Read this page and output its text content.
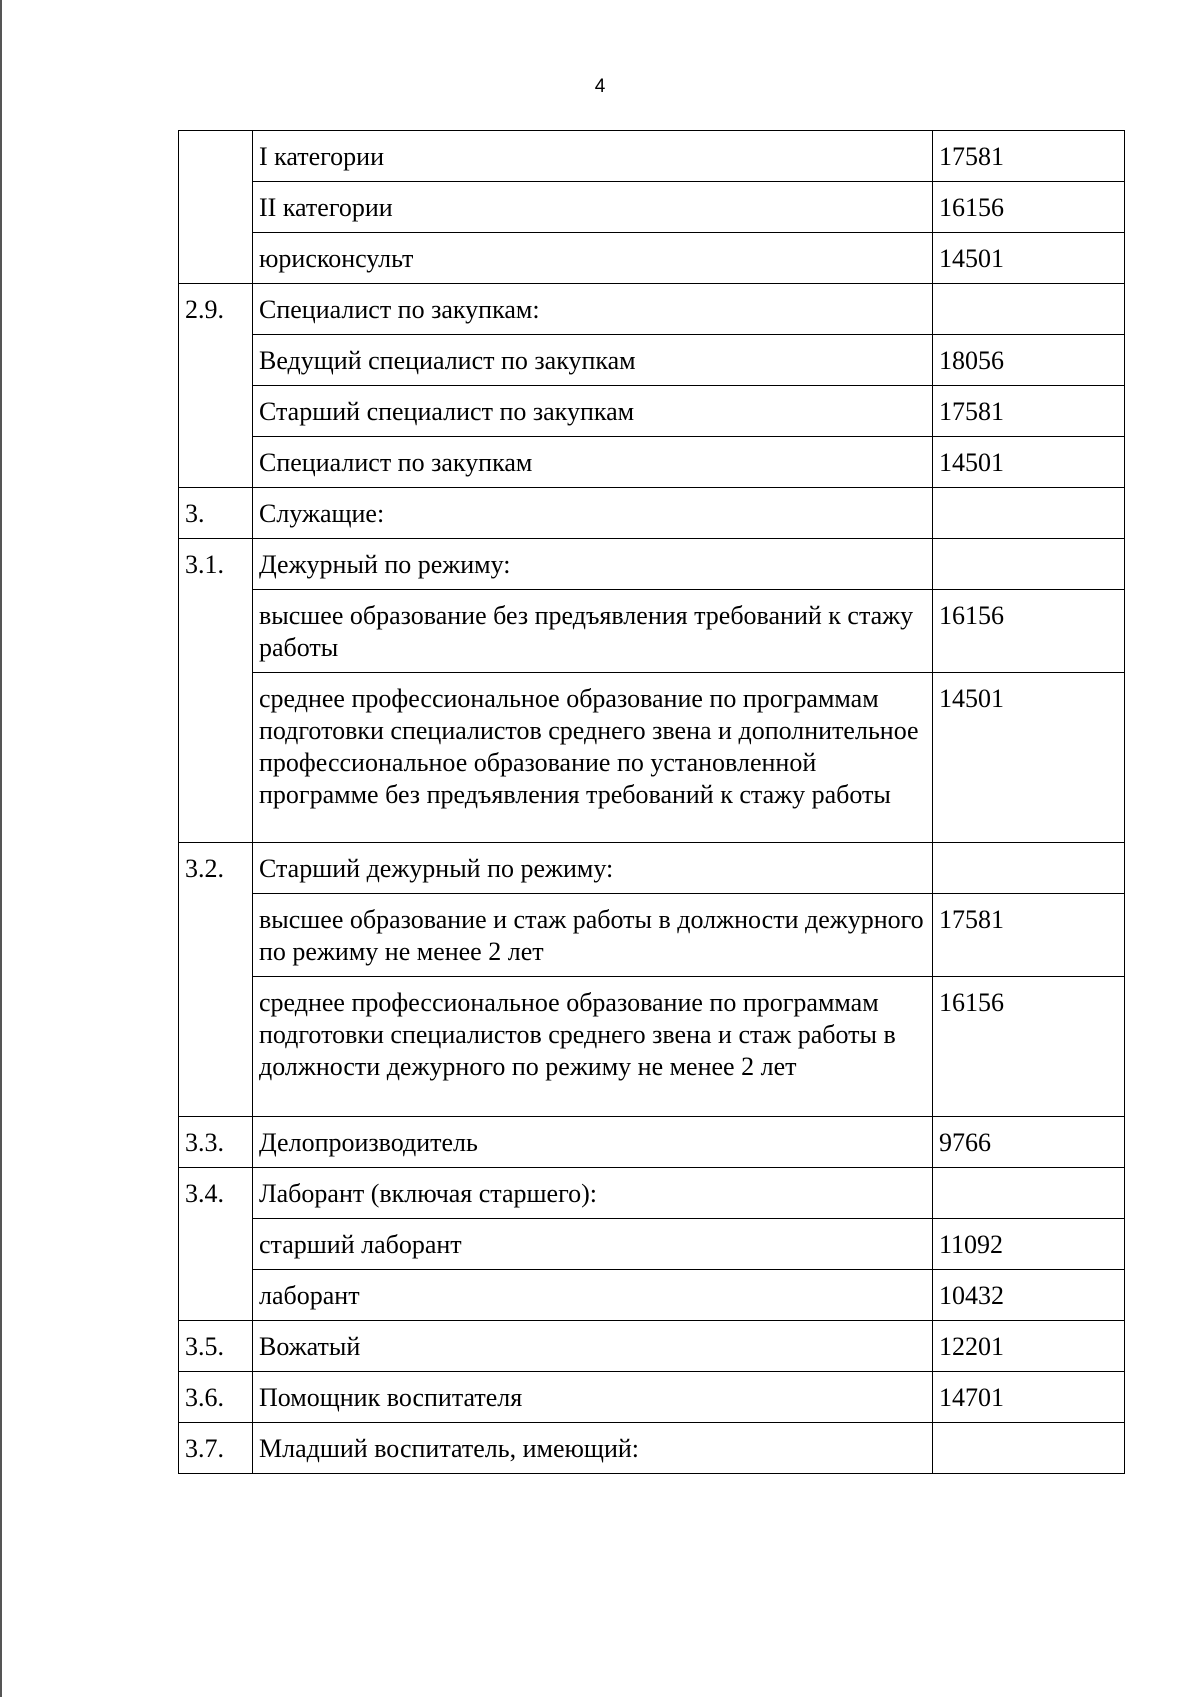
4
	I категории	17581
	II категории	16156
	юрисконсульт	14501
2.9.	Специалист по закупкам:	
	Ведущий специалист по закупкам	18056
	Старший специалист по закупкам	17581
	Специалист по закупкам	14501
3.	Служащие:	
3.1.	Дежурный по режиму:	
	высшее образование без предъявления требований к стажу работы	16156
	среднее профессиональное образование по программам подготовки специалистов среднего звена и дополнительное профессиональное образование по установленной программе без предъявления требований к стажу работы	14501
3.2.	Старший дежурный по режиму:	
	высшее образование и стаж работы в должности дежурного по режиму не менее 2 лет	17581
	среднее профессиональное образование по программам подготовки специалистов среднего звена и стаж работы в должности дежурного по режиму не менее 2 лет	16156
3.3.	Делопроизводитель	9766
3.4.	Лаборант (включая старшего):	
	старший лаборант	11092
	лаборант	10432
3.5.	Вожатый	12201
3.6.	Помощник воспитателя	14701
3.7.	Младший воспитатель, имеющий:	
